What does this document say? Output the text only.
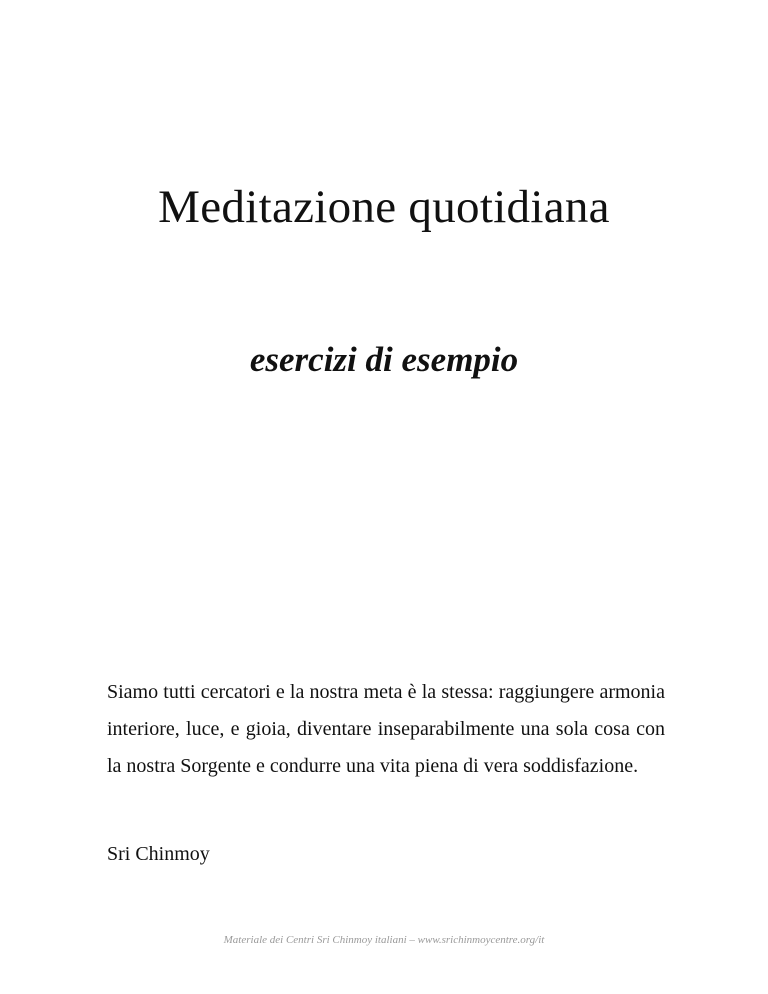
Meditazione quotidiana
esercizi di esempio

Siamo tutti cercatori e la nostra meta è la stessa: raggiungere armonia interiore, luce, e gioia, diventare inseparabilmente una sola cosa con la nostra Sorgente e condurre una vita piena di vera soddisfazione.

Sri Chinmoy

Materiale dei Centri Sri Chinmoy italiani – www.srichinmoycentre.org/it
